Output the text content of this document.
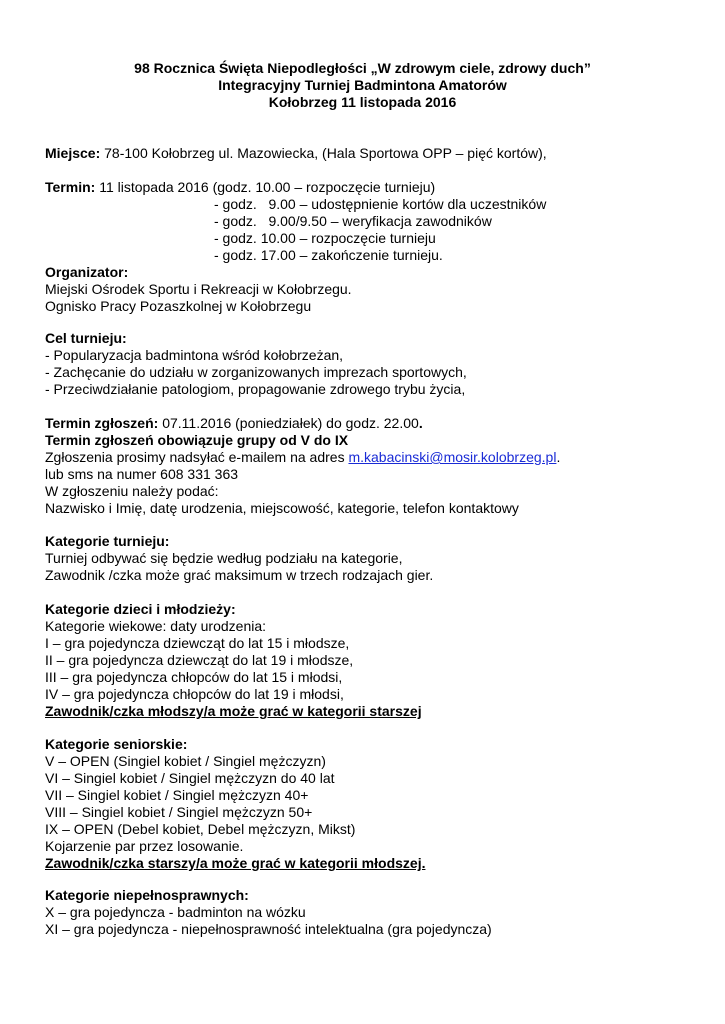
98 Rocznica Święta Niepodległości „W zdrowym ciele, zdrowy duch”
Integracyjny Turniej Badmintona Amatorów
Kołobrzeg 11 listopada 2016
Miejsce: 78-100 Kołobrzeg ul. Mazowiecka, (Hala Sportowa OPP – pięć kortów),
Termin: 11 listopada 2016 (godz. 10.00 – rozpoczęcie turnieju)
- godz.   9.00 – udostępnienie kortów dla uczestników
- godz.   9.00/9.50 – weryfikacja zawodników
- godz. 10.00 – rozpoczęcie turnieju
- godz. 17.00 – zakończenie turnieju.
Organizator:
Miejski Ośrodek Sportu i Rekreacji w Kołobrzegu.
Ognisko Pracy Pozaszkolnej w Kołobrzegu
Cel turnieju:
- Popularyzacja badmintona wśród kołobrzeżan,
- Zachęcanie do udziału w zorganizowanych imprezach sportowych,
- Przeciwdziałanie patologiom, propagowanie zdrowego trybu życia,
Termin zgłoszeń: 07.11.2016 (poniedziałek) do godz. 22.00.
Termin zgłoszeń obowiązuje grupy od V do IX
Zgłoszenia prosimy nadsyłać e-mailem na adres m.kabacinski@mosir.kolobrzeg.pl.
lub sms na numer 608 331 363
W zgłoszeniu należy podać:
Nazwisko i Imię, datę urodzenia, miejscowość, kategorie, telefon kontaktowy
Kategorie turnieju:
Turniej odbywać się będzie według podziału na kategorie,
Zawodnik /czka może grać maksimum w trzech rodzajach gier.
Kategorie dzieci i młodzieży:
Kategorie wiekowe: daty urodzenia:
I – gra pojedyncza dziewcząt do lat 15 i młodsze,
II – gra pojedyncza dziewcząt do lat 19 i młodsze,
III – gra pojedyncza chłopców do lat 15 i młodsi,
IV – gra pojedyncza chłopców do lat 19 i młodsi,
Zawodnik/czka młodszy/a może grać w kategorii starszej
Kategorie seniorskie:
V – OPEN (Singiel kobiet / Singiel mężczyzn)
VI – Singiel kobiet / Singiel mężczyzn do 40 lat
VII – Singiel kobiet / Singiel mężczyzn 40+
VIII – Singiel kobiet / Singiel mężczyzn 50+
IX – OPEN (Debel kobiet, Debel mężczyzn, Mikst)
Kojarzenie par przez losowanie.
Zawodnik/czka starszy/a może grać w kategorii młodszej.
Kategorie niepełnosprawnych:
X – gra pojedyncza - badminton na wózku
XI – gra pojedyncza - niepełnosprawność intelektualna (gra pojedyncza)
